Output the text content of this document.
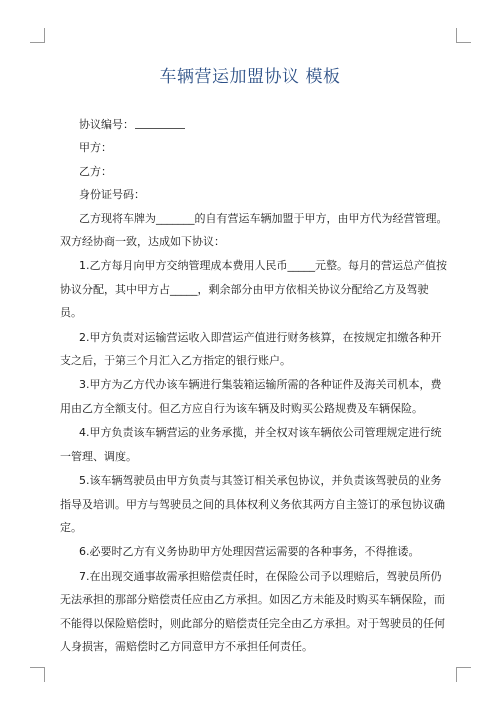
车辆营运加盟协议 模板

协议编号：

甲方：

乙方：

身份证号码：

乙方现将车牌为_______的自有营运车辆加盟于甲方，由甲方代为经营管理。双方经协商一致，达成如下协议：

1.乙方每月向甲方交纳管理成本费用人民币_____元整。每月的营运总产值按协议分配，其中甲方占_____，剩余部分由甲方依相关协议分配给乙方及驾驶员。

2.甲方负责对运输营运收入即营运产值进行财务核算，在按规定扣缴各种开支之后，于第三个月汇入乙方指定的银行账户。

3.甲方为乙方代办该车辆进行集装箱运输所需的各种证件及海关司机本，费用由乙方全额支付。但乙方应自行为该车辆及时购买公路规费及车辆保险。

4.甲方负责该车辆营运的业务承揽，并全权对该车辆依公司管理规定进行统一管理、调度。

5.该车辆驾驶员由甲方负责与其签订相关承包协议，并负责该驾驶员的业务指导及培训。甲方与驾驶员之间的具体权利义务依其两方自主签订的承包协议确定。

6.必要时乙方有义务协助甲方处理因营运需要的各种事务，不得推诿。

7.在出现交通事故需承担赔偿责任时，在保险公司予以理赔后，驾驶员所仍无法承担的那部分赔偿责任应由乙方承担。如因乙方未能及时购买车辆保险，而不能得以保险赔偿时，则此部分的赔偿责任完全由乙方承担。对于驾驶员的任何人身损害，需赔偿时乙方同意甲方不承担任何责任。
